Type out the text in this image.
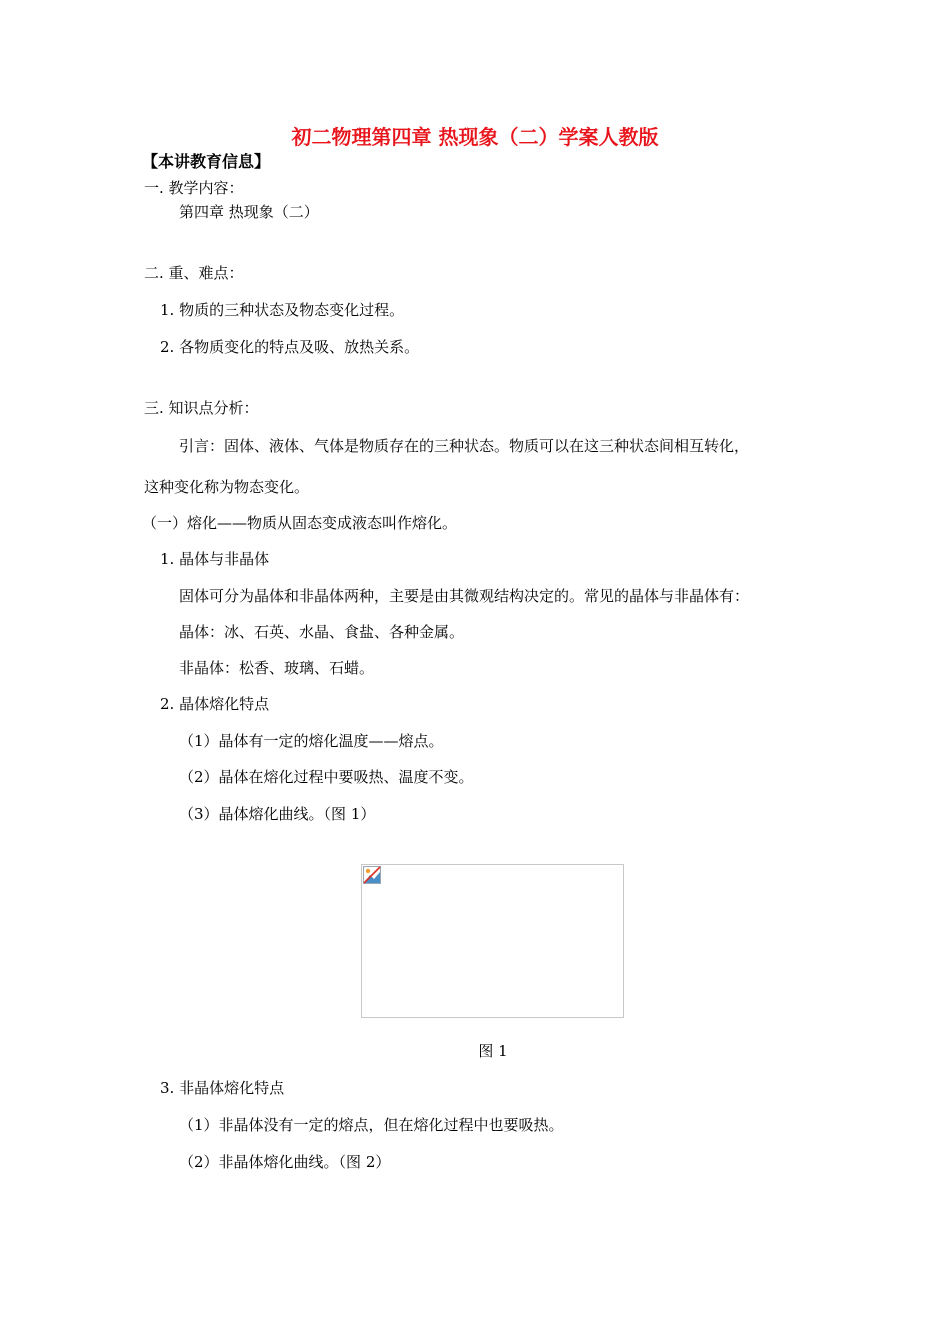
初二物理第四章 热现象（二）学案人教版
【本讲教育信息】
一. 教学内容：
第四章 热现象（二）
二. 重、难点：
1. 物质的三种状态及物态变化过程。
2. 各物质变化的特点及吸、放热关系。
三. 知识点分析：
引言：固体、液体、气体是物质存在的三种状态。物质可以在这三种状态间相互转化，
这种变化称为物态变化。
（一）熔化——物质从固态变成液态叫作熔化。
1. 晶体与非晶体
固体可分为晶体和非晶体两种，主要是由其微观结构决定的。常见的晶体与非晶体有：
晶体：冰、石英、水晶、食盐、各种金属。
非晶体：松香、玻璃、石蜡。
2. 晶体熔化特点
（1）晶体有一定的熔化温度——熔点。
（2）晶体在熔化过程中要吸热、温度不变。
（3）晶体熔化曲线。（图 1）
图 1
3. 非晶体熔化特点
（1）非晶体没有一定的熔点，但在熔化过程中也要吸热。
（2）非晶体熔化曲线。（图 2）
